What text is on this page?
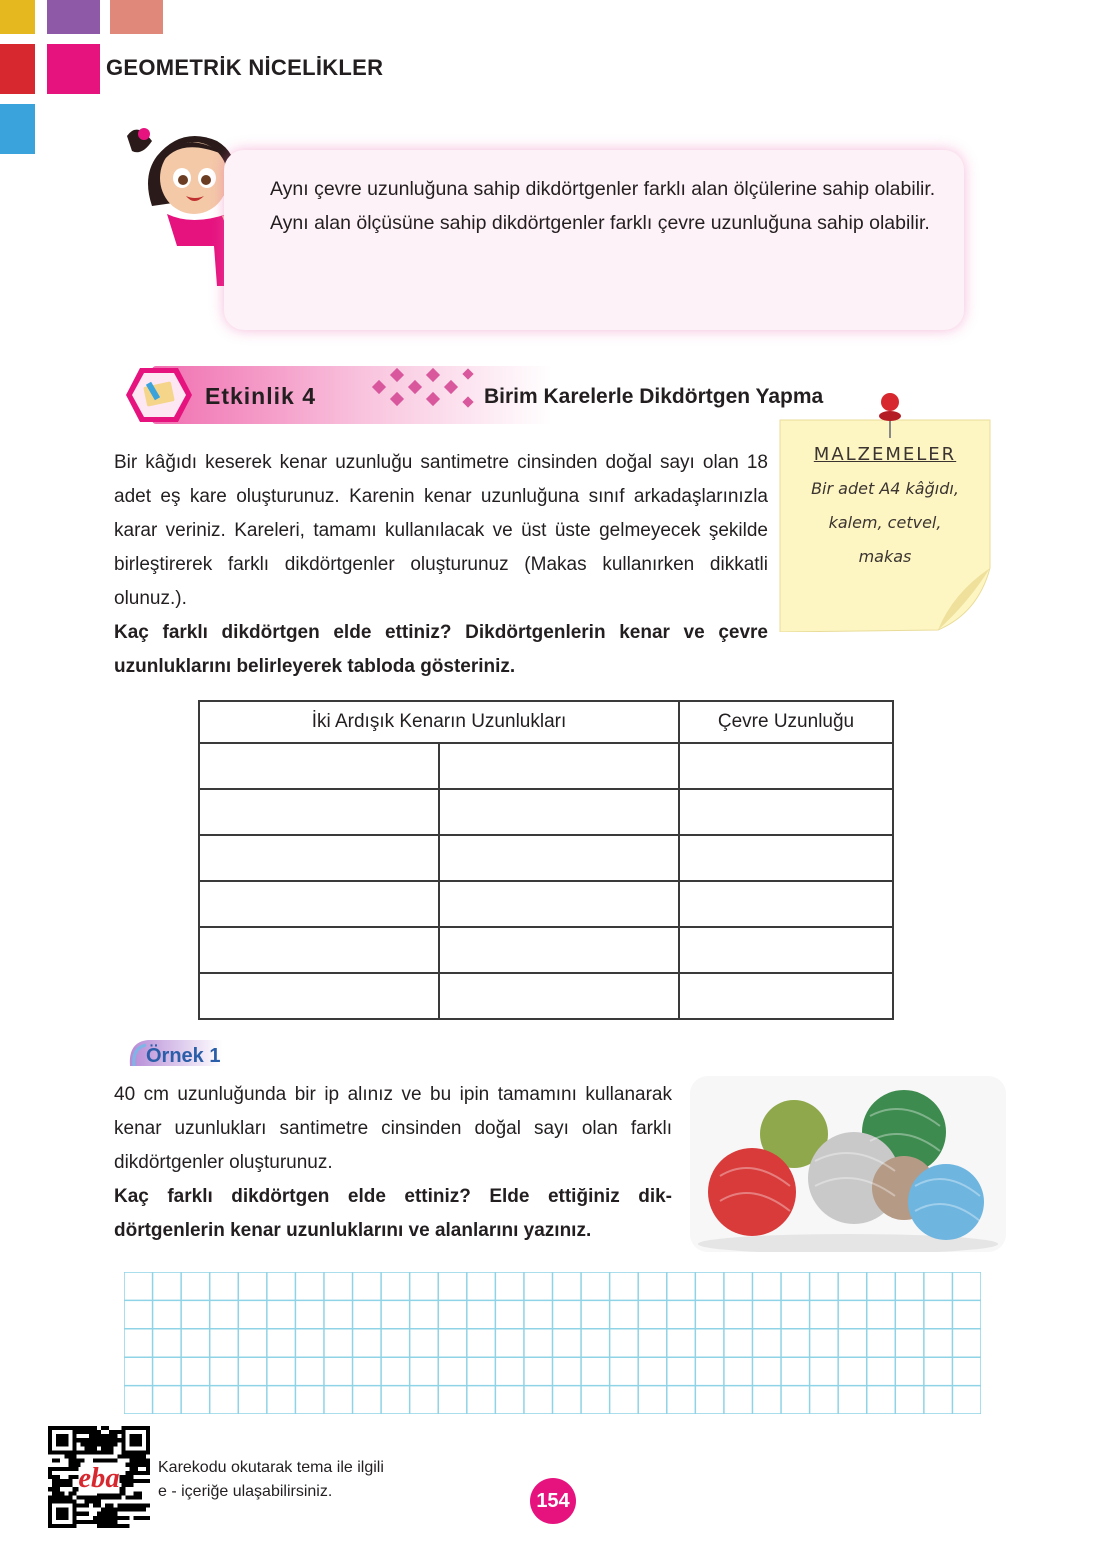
GEOMETRİK NİCELİKLER
Aynı çevre uzunluğuna sahip dikdörtgenler farklı alan ölçülerine sahip olabilir.
Aynı alan ölçüsüne sahip dikdörtgenler farklı çevre uzunluğuna sahip olabilir.
Etkinlik 4	Birim Karelerle Dikdörtgen Yapma
MALZEMELER
Bir adet A4 kâğıdı,
kalem, cetvel,
makas

Bir kâğıdı keserek kenar uzunluğu santimetre cinsinden doğal sayı olan 18 adet eş kare oluşturunuz. Karenin kenar uzunluğuna sınıf arkadaşlarınızla karar veriniz. Kareleri, tamamı kullanılacak ve üst üste gelmeyecek şekilde birleştirerek farklı dikdörtgenler oluşturunuz (Makas kullanırken dikkatli olunuz.).

Kaç farklı dikdörtgen elde ettiniz? Dikdörtgenlerin kenar ve çevre uzunluklarını belirleyerek tabloda gösteriniz.

İki Ardışık Kenarın Uzunlukları		Çevre Uzunluğu

Örnek 1

40 cm uzunluğunda bir ip alınız ve bu ipin tamamını kullanarak kenar uzunlukları santimetre cinsinden doğal sayı olan farklı dikdörtgenler oluşturunuz.

Kaç farklı dikdörtgen elde ettiniz? Elde ettiğiniz dikdörtgenlerin kenar uzunluklarını ve alanlarını yazınız.

eba Karekodu okutarak tema ile ilgili
e - içeriğe ulaşabilirsiniz.	154
